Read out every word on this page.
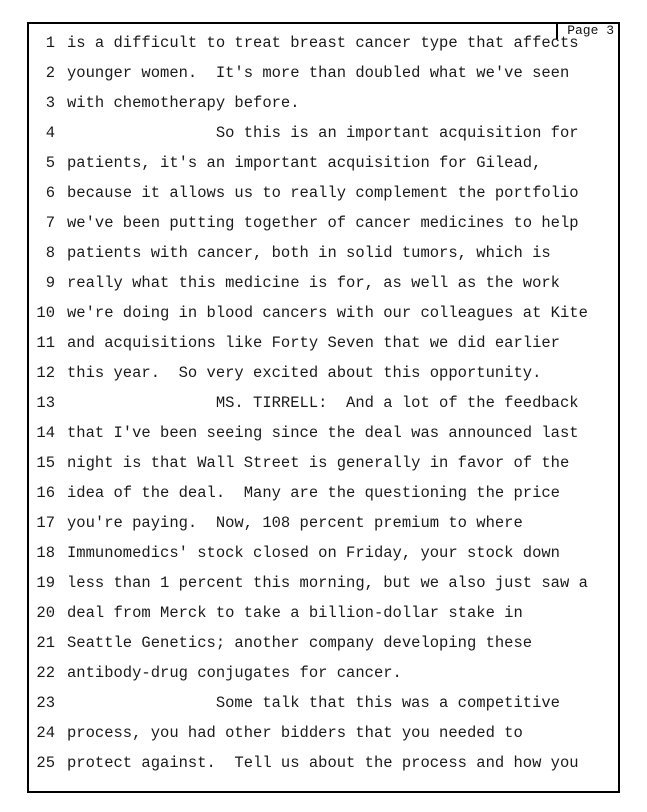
Page 3
1 is a difficult to treat breast cancer type that affects
2 younger women.  It's more than doubled what we've seen
3 with chemotherapy before.
4 So this is an important acquisition for
5 patients, it's an important acquisition for Gilead,
6 because it allows us to really complement the portfolio
7 we've been putting together of cancer medicines to help
8 patients with cancer, both in solid tumors, which is
9 really what this medicine is for, as well as the work
10 we're doing in blood cancers with our colleagues at Kite
11 and acquisitions like Forty Seven that we did earlier
12 this year.  So very excited about this opportunity.
13 MS. TIRRELL:  And a lot of the feedback
14 that I've been seeing since the deal was announced last
15 night is that Wall Street is generally in favor of the
16 idea of the deal.  Many are the questioning the price
17 you're paying.  Now, 108 percent premium to where
18 Immunomedics' stock closed on Friday, your stock down
19 less than 1 percent this morning, but we also just saw a
20 deal from Merck to take a billion-dollar stake in
21 Seattle Genetics; another company developing these
22 antibody-drug conjugates for cancer.
23 Some talk that this was a competitive
24 process, you had other bidders that you needed to
25 protect against.  Tell us about the process and how you
